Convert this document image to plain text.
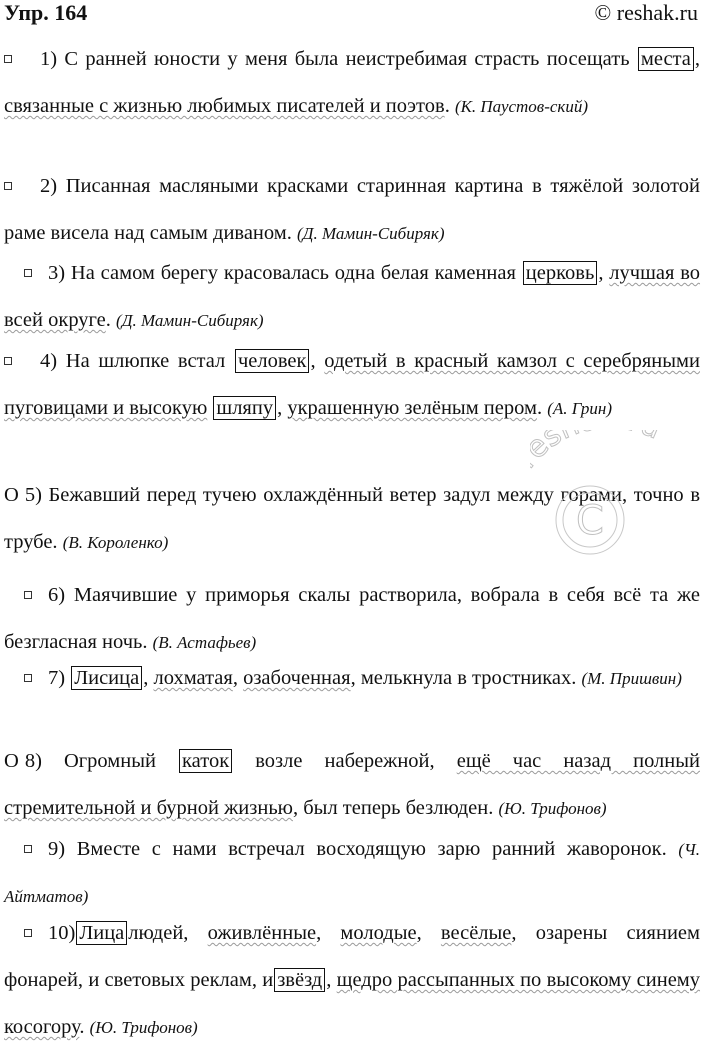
Упр. 164	© reshak.ru
1) С ранней юности у меня была неистребимая страсть посещать места , связанные с жизнью любимых писателей и поэтов. (К. Паустов-ский)
2) Писанная масляными красками старинная картина в тяжёлой золотой раме висела над самым диваном. (Д. Мамин-Сибиряк)
3) На самом берегу красовалась одна белая каменная церковь , лучшая во всей округе. (Д. Мамин-Сибиряк)
4) На шлюпке встал человек , одетый в красный камзол с серебряными пуговицами и высокую шляпу , украшенную зелёным пером. (А. Грин)
O 5) Бежавший перед тучею охлаждённый ветер задул между горами, точно в трубе. (В. Короленко)
6) Маячившие у приморья скалы растворила, вобрала в себя всё та же безгласная ночь. (В. Астафьев)
7) Лисица , лохматая, озабоченная, мелькнула в тростниках. (М. Пришвин)
O 8) Огромный каток возле набережной, ещё час назад полный стремительной и бурной жизнью, был теперь безлюден. (Ю. Трифонов)
9) Вместе с нами встречал восходящую зарю ранний жаворонок. (Ч. Айтматов)
10) Лица людей, оживлённые, молодые, весёлые, озарены сиянием фонарей, и световых реклам, и звёзд , щедро рассыпанных по высокому синему косогору. (Ю. Трифонов)
C
s
